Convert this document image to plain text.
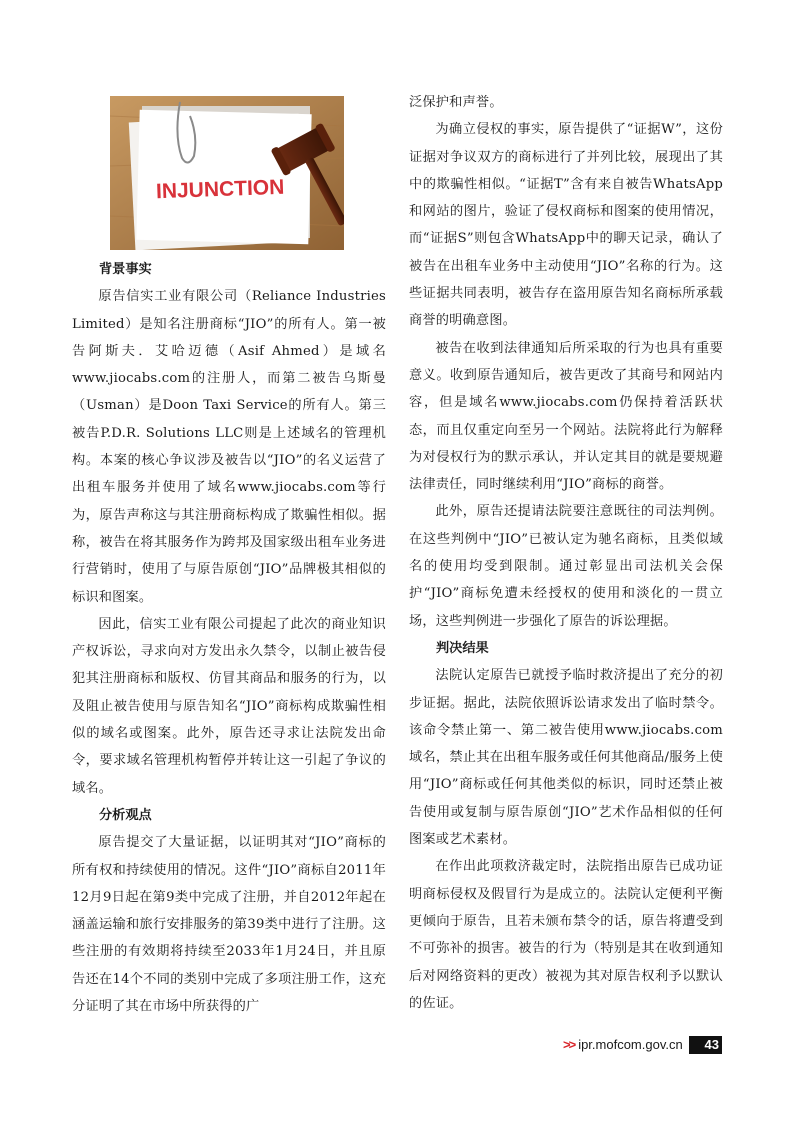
INJUNCTION

背景事实

原告信实工业有限公司（Reliance Industries Limited）是知名注册商标“JIO”的所有人。第一被告阿斯夫．艾哈迈德（Asif Ahmed）是域名www.jiocabs.com的注册人，而第二被告乌斯曼（Usman）是Doon Taxi Service的所有人。第三被告P.D.R. Solutions LLC则是上述域名的管理机构。本案的核心争议涉及被告以“JIO”的名义运营了出租车服务并使用了域名www.jiocabs.com等行为，原告声称这与其注册商标构成了欺骗性相似。据称，被告在将其服务作为跨邦及国家级出租车业务进行营销时，使用了与原告原创“JIO”品牌极其相似的标识和图案。

因此，信实工业有限公司提起了此次的商业知识产权诉讼，寻求向对方发出永久禁令，以制止被告侵犯其注册商标和版权、仿冒其商品和服务的行为，以及阻止被告使用与原告知名“JIO”商标构成欺骗性相似的域名或图案。此外，原告还寻求让法院发出命令，要求域名管理机构暂停并转让这一引起了争议的域名。

分析观点

原告提交了大量证据，以证明其对“JIO”商标的所有权和持续使用的情况。这件“JIO”商标自2011年12月9日起在第9类中完成了注册，并自2012年起在涵盖运输和旅行安排服务的第39类中进行了注册。这些注册的有效期将持续至2033年1月24日，并且原告还在14个不同的类别中完成了多项注册工作，这充分证明了其在市场中所获得的广

泛保护和声誉。

为确立侵权的事实，原告提供了“证据W”，这份证据对争议双方的商标进行了并列比较，展现出了其中的欺骗性相似。“证据T”含有来自被告WhatsApp和网站的图片，验证了侵权商标和图案的使用情况，而“证据S”则包含WhatsApp中的聊天记录，确认了被告在出租车业务中主动使用“JIO”名称的行为。这些证据共同表明，被告存在盗用原告知名商标所承载商誉的明确意图。

被告在收到法律通知后所采取的行为也具有重要意义。收到原告通知后，被告更改了其商号和网站内容，但是域名www.jiocabs.com仍保持着活跃状态，而且仅重定向至另一个网站。法院将此行为解释为对侵权行为的默示承认，并认定其目的就是要规避法律责任，同时继续利用“JIO”商标的商誉。

此外，原告还提请法院要注意既往的司法判例。在这些判例中“JIO”已被认定为驰名商标，且类似域名的使用均受到限制。通过彰显出司法机关会保护“JIO”商标免遭未经授权的使用和淡化的一贯立场，这些判例进一步强化了原告的诉讼理据。

判决结果

法院认定原告已就授予临时救济提出了充分的初步证据。据此，法院依照诉讼请求发出了临时禁令。该命令禁止第一、第二被告使用www.jiocabs.com域名，禁止其在出租车服务或任何其他商品/服务上使用“JIO”商标或任何其他类似的标识，同时还禁止被告使用或复制与原告原创“JIO”艺术作品相似的任何图案或艺术素材。

在作出此项救济裁定时，法院指出原告已成功证明商标侵权及假冒行为是成立的。法院认定便利平衡更倾向于原告，且若未颁布禁令的话，原告将遭受到不可弥补的损害。被告的行为（特别是其在收到通知后对网络资料的更改）被视为其对原告权利予以默认的佐证。

>> ipr.mofcom.gov.cn	43
